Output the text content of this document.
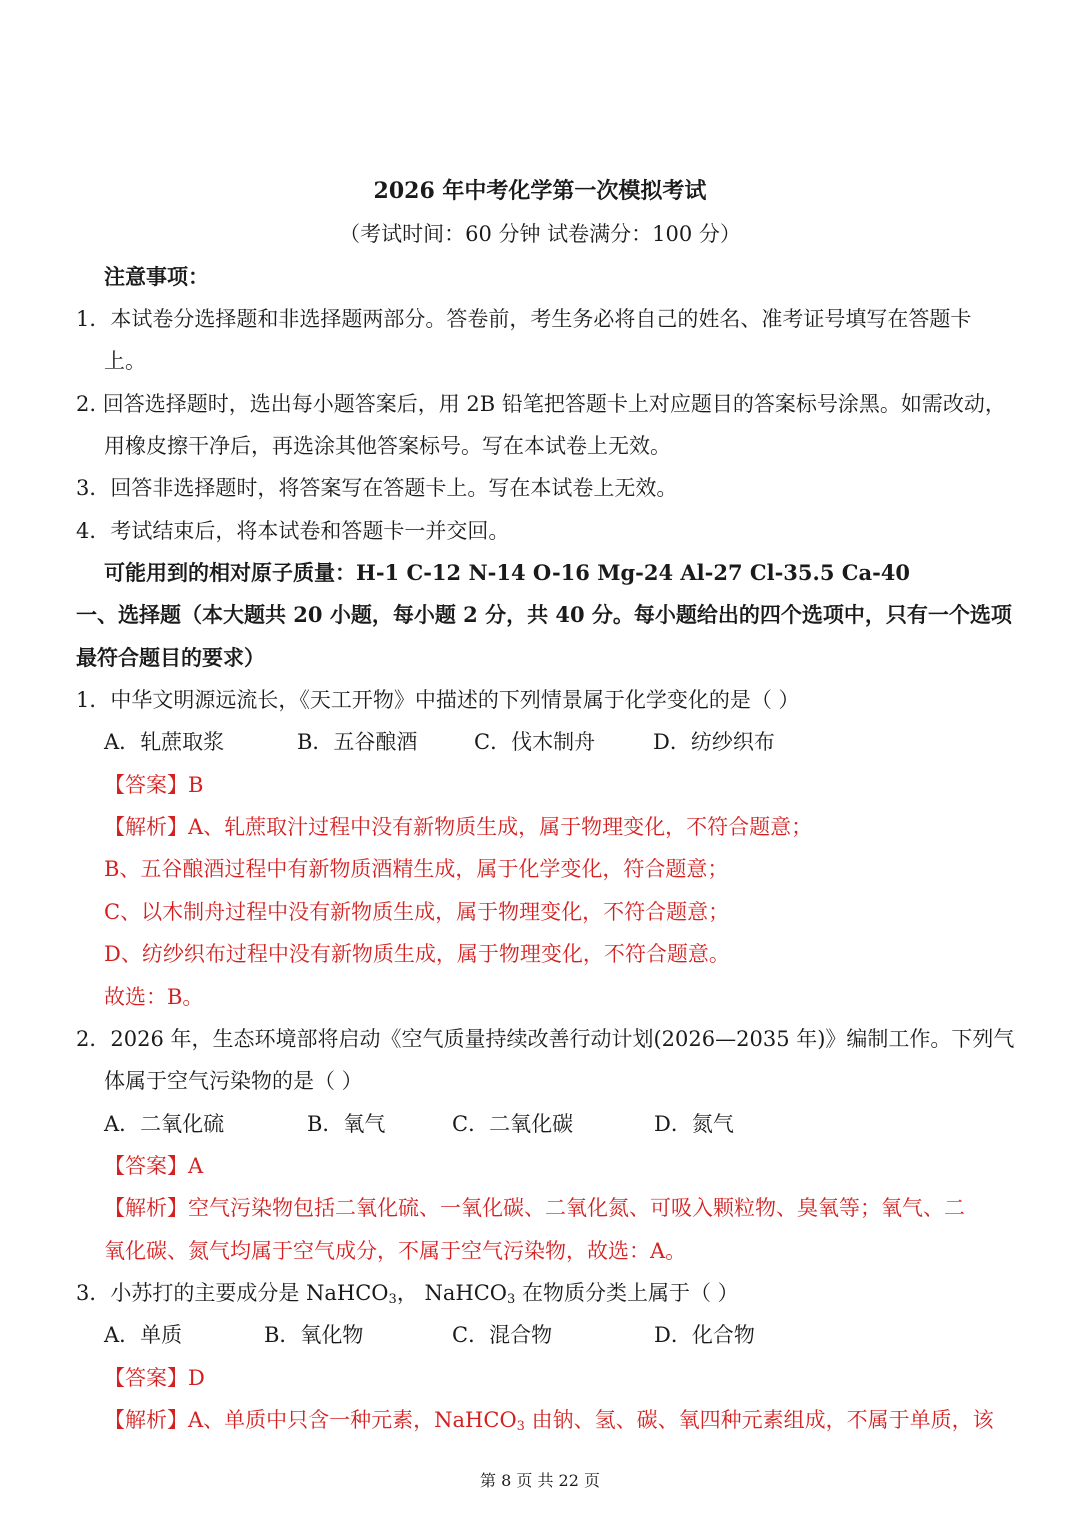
2026 年中考化学第一次模拟考试
（考试时间：60 分钟 试卷满分：100 分）
注意事项：
1．本试卷分选择题和非选择题两部分。答卷前，考生务必将自己的姓名、准考证号填写在答题卡
上。
2. 回答选择题时，选出每小题答案后，用 2B 铅笔把答题卡上对应题目的答案标号涂黑。如需改动，
用橡皮擦干净后，再选涂其他答案标号。写在本试卷上无效。
3．回答非选择题时，将答案写在答题卡上。写在本试卷上无效。
4．考试结束后，将本试卷和答题卡一并交回。
可能用到的相对原子质量：H-1 C-12 N-14 O-16 Mg-24 Al-27 Cl-35.5 Ca-40
一、选择题（本大题共 20 小题，每小题 2 分，共 40 分。每小题给出的四个选项中，只有一个选项
最符合题目的要求）
1．中华文明源远流长，《天工开物》中描述的下列情景属于化学变化的是（ ）
A．轧蔗取浆	B．五谷酿酒	C．伐木制舟	D．纺纱织布
【答案】B
【解析】A、轧蔗取汁过程中没有新物质生成，属于物理变化，不符合题意；
B、五谷酿酒过程中有新物质酒精生成，属于化学变化，符合题意；
C、以木制舟过程中没有新物质生成，属于物理变化，不符合题意；
D、纺纱织布过程中没有新物质生成，属于物理变化，不符合题意。
故选：B。
2．2026 年，生态环境部将启动《空气质量持续改善行动计划(2026—2035 年)》编制工作。下列气
体属于空气污染物的是（ ）
A．二氧化硫	B．氧气	C．二氧化碳	D．氮气
【答案】A
【解析】空气污染物包括二氧化硫、一氧化碳、二氧化氮、可吸入颗粒物、臭氧等；氧气、二
氧化碳、氮气均属于空气成分，不属于空气污染物，故选：A。
3．小苏打的主要成分是 NaHCO$_3$， NaHCO$_3$ 在物质分类上属于（ ）
A．单质	B．氧化物	C．混合物	D．化合物
【答案】D
【解析】A、单质中只含一种元素，NaHCO$_3$ 由钠、氢、碳、氧四种元素组成，不属于单质，该
第 8 页 共 22 页
